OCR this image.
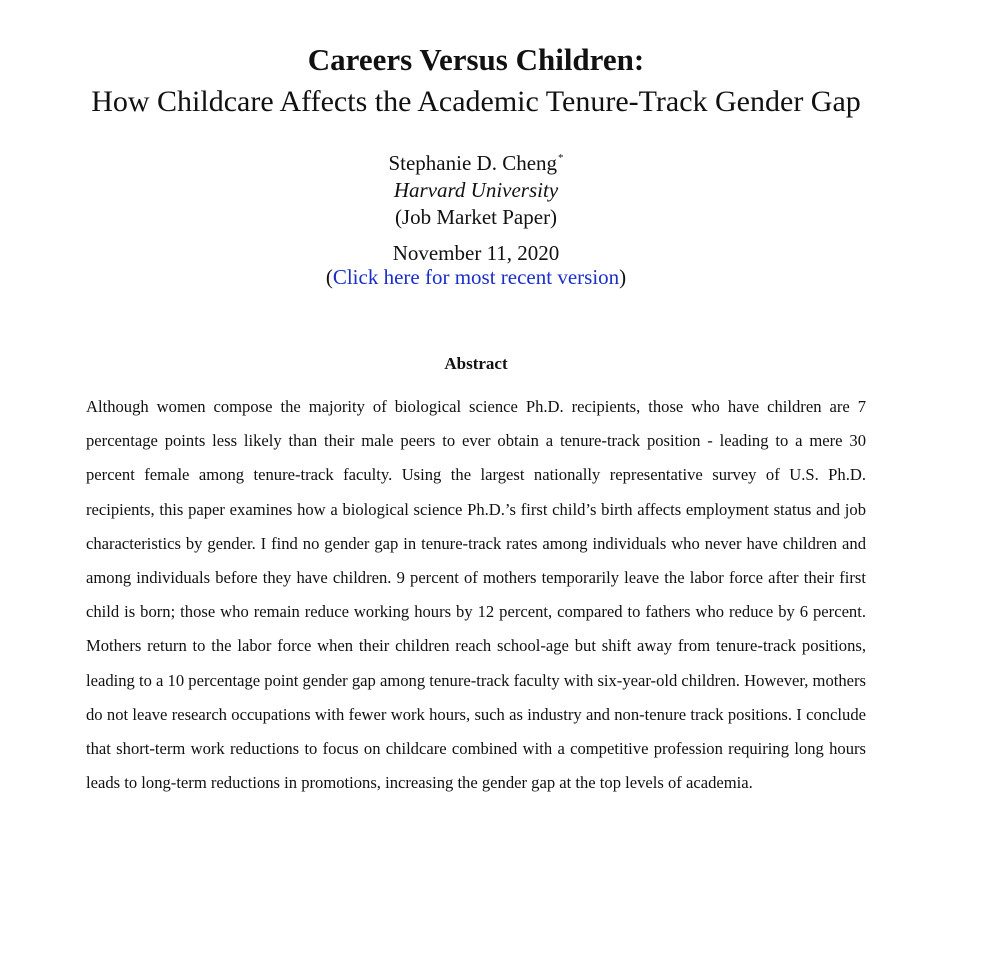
Careers Versus Children:
How Childcare Affects the Academic Tenure-Track Gender Gap
Stephanie D. Cheng*
Harvard University
(Job Market Paper)
November 11, 2020
(Click here for most recent version)
Abstract

Although women compose the majority of biological science Ph.D. recipients, those who have children are 7 percentage points less likely than their male peers to ever obtain a tenure-track position - leading to a mere 30 percent female among tenure-track faculty. Using the largest nationally representative survey of U.S. Ph.D. recipients, this paper examines how a biological science Ph.D.’s first child’s birth affects employment status and job characteristics by gender. I find no gender gap in tenure-track rates among individuals who never have children and among individuals before they have children. 9 percent of mothers temporarily leave the labor force after their first child is born; those who remain reduce working hours by 12 percent, compared to fathers who reduce by 6 percent. Mothers return to the labor force when their children reach school-age but shift away from tenure-track positions, leading to a 10 percentage point gender gap among tenure-track faculty with six-year-old children. However, mothers do not leave research occupations with fewer work hours, such as industry and non-tenure track positions. I conclude that short-term work reductions to focus on childcare combined with a competitive profession requiring long hours leads to long-term reductions in promotions, increasing the gender gap at the top levels of academia.
